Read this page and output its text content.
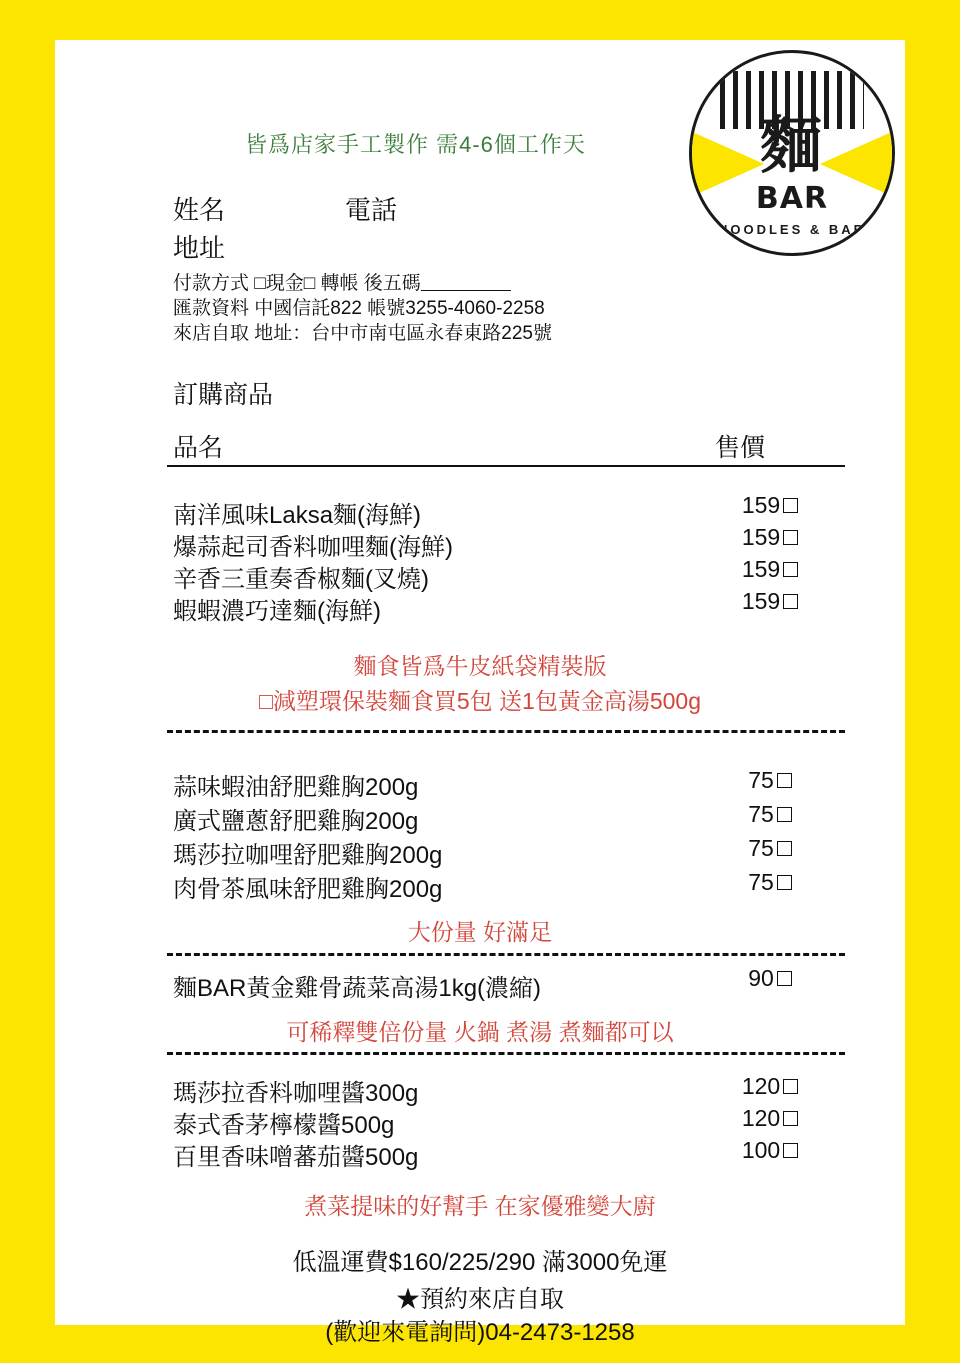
麵
BAR
NOODLES & BAR
皆爲店家手工製作 需4-6個工作天
姓名	電話
地址
付款方式 □現金□ 轉帳 後五碼
匯款資料 中國信託822 帳號3255-4060-2258
來店自取 地址：台中市南屯區永春東路225號
訂購商品
品名	售價
南洋風味Laksa麵(海鮮)	159
爆蒜起司香料咖哩麵(海鮮)	159
辛香三重奏香椒麵(叉燒)	159
蝦蝦濃巧達麵(海鮮)	159
麵食皆爲牛皮紙袋精裝版
□減塑環保裝麵食買5包 送1包黃金高湯500g
蒜味蝦油舒肥雞胸200g	75
廣式鹽蔥舒肥雞胸200g	75
瑪莎拉咖哩舒肥雞胸200g	75
肉骨茶風味舒肥雞胸200g	75
大份量 好滿足
麵BAR黃金雞骨蔬菜高湯1kg(濃縮)	90
可稀釋雙倍份量 火鍋 煮湯 煮麵都可以
瑪莎拉香料咖哩醬300g	120
泰式香茅檸檬醬500g	120
百里香味噌蕃茄醬500g	100
煮菜提味的好幫手 在家優雅變大廚
低溫運費$160/225/290 滿3000免運
★預約來店自取
(歡迎來電詢問)04-2473-1258
